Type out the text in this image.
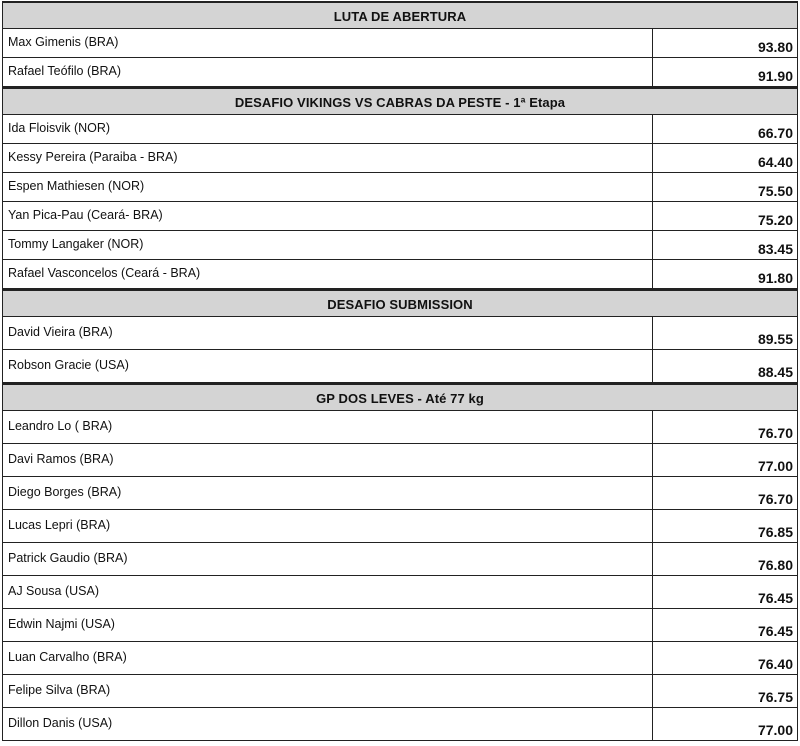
LUTA DE ABERTURA
Max Gimenis (BRA)	93.80
Rafael Teófilo (BRA)	91.90
DESAFIO VIKINGS VS CABRAS DA PESTE - 1ª Etapa
Ida Floisvik (NOR)	66.70
Kessy Pereira (Paraiba - BRA)	64.40
Espen Mathiesen (NOR)	75.50
Yan Pica-Pau (Ceará- BRA)	75.20
Tommy Langaker (NOR)	83.45
Rafael Vasconcelos (Ceará - BRA)	91.80
DESAFIO SUBMISSION
David Vieira (BRA)	89.55
Robson Gracie (USA)	88.45
GP DOS LEVES - Até 77 kg
Leandro Lo ( BRA)	76.70
Davi Ramos (BRA)	77.00
Diego Borges (BRA)	76.70
Lucas Lepri (BRA)	76.85
Patrick Gaudio (BRA)	76.80
AJ Sousa (USA)	76.45
Edwin Najmi (USA)	76.45
Luan Carvalho (BRA)	76.40
Felipe Silva (BRA)	76.75
Dillon Danis (USA)	77.00
